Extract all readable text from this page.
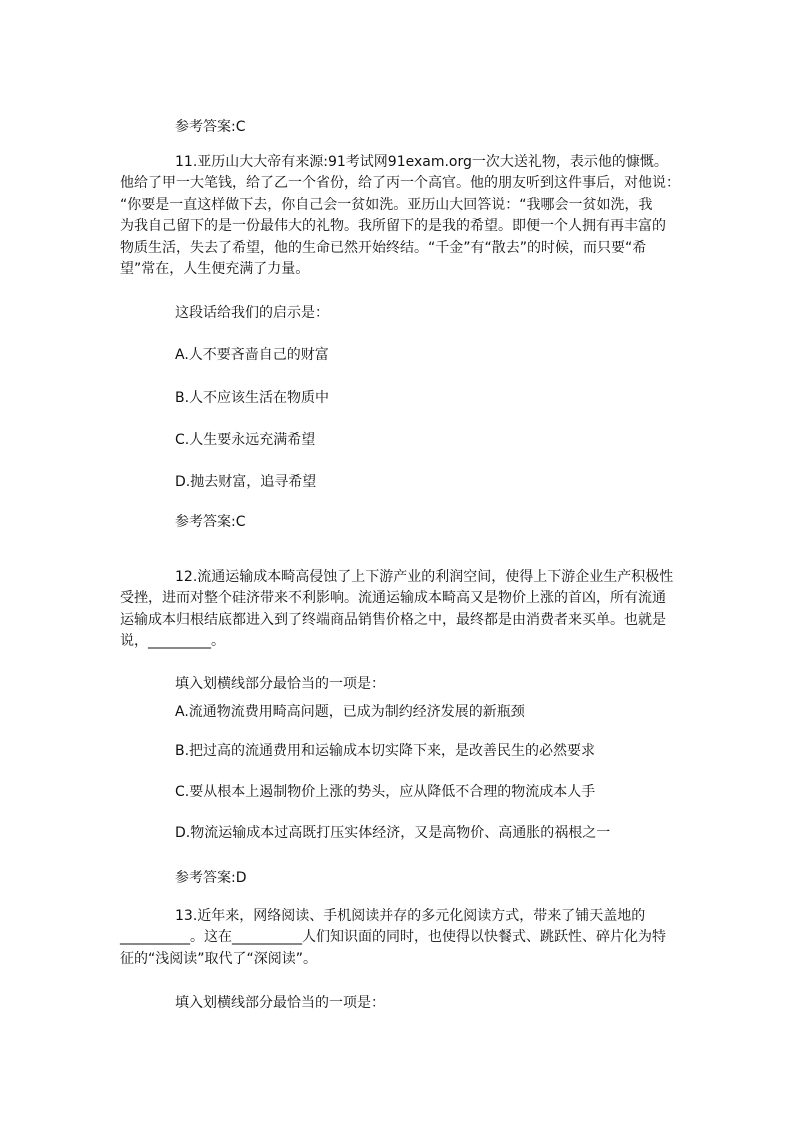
参考答案:C
11.亚历山大大帝有来源:91考试网91exam.org一次大送礼物，表示他的慷慨。
他给了甲一大笔钱，给了乙一个省份，给了丙一个高官。他的朋友听到这件事后，对他说：
“你要是一直这样做下去，你自己会一贫如洗。亚历山大回答说：“我哪会一贫如洗，我
为我自己留下的是一份最伟大的礼物。我所留下的是我的希望。即便一个人拥有再丰富的
物质生活，失去了希望，他的生命已然开始终结。“千金”有“散去”的时候，而只要“希
望”常在，人生便充满了力量。
这段话给我们的启示是：
A.人不要吝啬自己的财富
B.人不应该生活在物质中
C.人生要永远充满希望
D.抛去财富，追寻希望
参考答案:C
12.流通运输成本畸高侵蚀了上下游产业的利润空间，使得上下游企业生产积极性
受挫，进而对整个硅济带来不利影响。流通运输成本畸高又是物价上涨的首凶，所有流通
运输成本归根结底都进入到了终端商品销售价格之中，最终都是由消费者来买单。也就是
说，_________。
填入划横线部分最恰当的一项是：
A.流通物流费用畸高问题，已成为制约经济发展的新瓶颈
B.把过高的流通费用和运输成本切实降下来，是改善民生的必然要求
C.要从根本上遏制物价上涨的势头，应从降低不合理的物流成本人手
D.物流运输成本过高既打压实体经济，又是高物价、高通胀的祸根之一
参考答案:D
13.近年来，网络阅读、手机阅读并存的多元化阅读方式，带来了铺天盖地的
__________。这在__________人们知识面的同时，也使得以快餐式、跳跃性、碎片化为特
征的“浅阅读”取代了“深阅读”。
填入划横线部分最恰当的一项是：
